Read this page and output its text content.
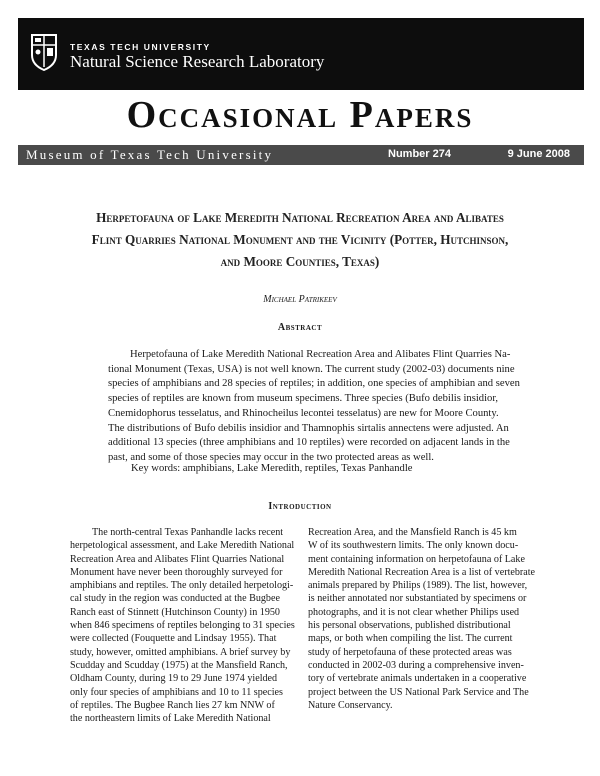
TEXAS TECH UNIVERSITY
Natural Science Research Laboratory
Occasional Papers
Museum of Texas Tech University	Number 274	9 June 2008
Herpetofauna of Lake Meredith National Recreation Area and Alibates
Flint Quarries National Monument and the Vicinity (Potter, Hutchinson,
and Moore Counties, Texas)
Michael Patrikeev
Abstract
Herpetofauna of Lake Meredith National Recreation Area and Alibates Flint Quarries Na-
tional Monument (Texas, USA) is not well known. The current study (2002-03) documents nine
species of amphibians and 28 species of reptiles; in addition, one species of amphibian and seven
species of reptiles are known from museum specimens. Three species (Bufo debilis insidior,
Cnemidophorus tesselatus, and Rhinocheilus lecontei tesselatus) are new for Moore County.
The distributions of Bufo debilis insidior and Thamnophis sirtalis annectens were adjusted. An
additional 13 species (three amphibians and 10 reptiles) were recorded on adjacent lands in the
past, and some of those species may occur in the two protected areas as well.
Key words: amphibians, Lake Meredith, reptiles, Texas Panhandle
Introduction
The north-central Texas Panhandle lacks recent
herpetological assessment, and Lake Meredith National
Recreation Area and Alibates Flint Quarries National
Monument have never been thoroughly surveyed for
amphibians and reptiles. The only detailed herpetologi-
cal study in the region was conducted at the Bugbee
Ranch east of Stinnett (Hutchinson County) in 1950
when 846 specimens of reptiles belonging to 31 species
were collected (Fouquette and Lindsay 1955). That
study, however, omitted amphibians. A brief survey by
Scudday and Scudday (1975) at the Mansfield Ranch,
Oldham County, during 19 to 29 June 1974 yielded
only four species of amphibians and 10 to 11 species
of reptiles. The Bugbee Ranch lies 27 km NNW of
the northeastern limits of Lake Meredith National
Recreation Area, and the Mansfield Ranch is 45 km
W of its southwestern limits. The only known docu-
ment containing information on herpetofauna of Lake
Meredith National Recreation Area is a list of vertebrate
animals prepared by Philips (1989). The list, however,
is neither annotated nor substantiated by specimens or
photographs, and it is not clear whether Philips used
his personal observations, published distributional
maps, or both when compiling the list. The current
study of herpetofauna of these protected areas was
conducted in 2002-03 during a comprehensive inven-
tory of vertebrate animals undertaken in a cooperative
project between the US National Park Service and The
Nature Conservancy.
